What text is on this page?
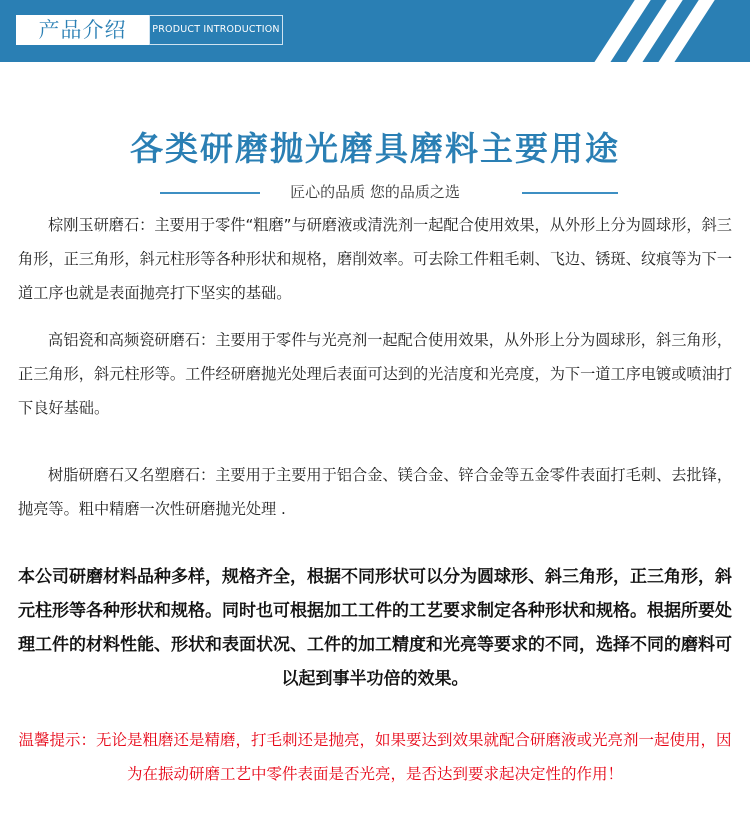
产品介绍	PRODUCT INTRODUCTION
各类研磨抛光磨具磨料主要用途
匠心的品质 您的品质之选

棕刚玉研磨石：主要用于零件“粗磨”与研磨液或清洗剂一起配合使用效果，从外形上分为圆球形，斜三角形，正三角形，斜元柱形等各种形状和规格，磨削效率。可去除工件粗毛刺、飞边、锈斑、纹痕等为下一道工序也就是表面抛亮打下坚实的基础。

高铝瓷和高频瓷研磨石：主要用于零件与光亮剂一起配合使用效果，从外形上分为圆球形，斜三角形，正三角形，斜元柱形等。工件经研磨抛光处理后表面可达到的光洁度和光亮度，为下一道工序电镀或喷油打下良好基础。

树脂研磨石又名塑磨石：主要用于主要用于铝合金、镁合金、锌合金等五金零件表面打毛刺、去批锋，抛亮等。粗中精磨一次性研磨抛光处理 .

本公司研磨材料品种多样，规格齐全，根据不同形状可以分为圆球形、斜三角形，正三角形，斜元柱形等各种形状和规格。同时也可根据加工工件的工艺要求制定各种形状和规格。根据所要处理工件的材料性能、形状和表面状况、工件的加工精度和光亮等要求的不同，选择不同的磨料可以起到事半功倍的效果。

温馨提示：无论是粗磨还是精磨，打毛刺还是抛亮，如果要达到效果就配合研磨液或光亮剂一起使用，因为在振动研磨工艺中零件表面是否光亮，是否达到要求起决定性的作用！
